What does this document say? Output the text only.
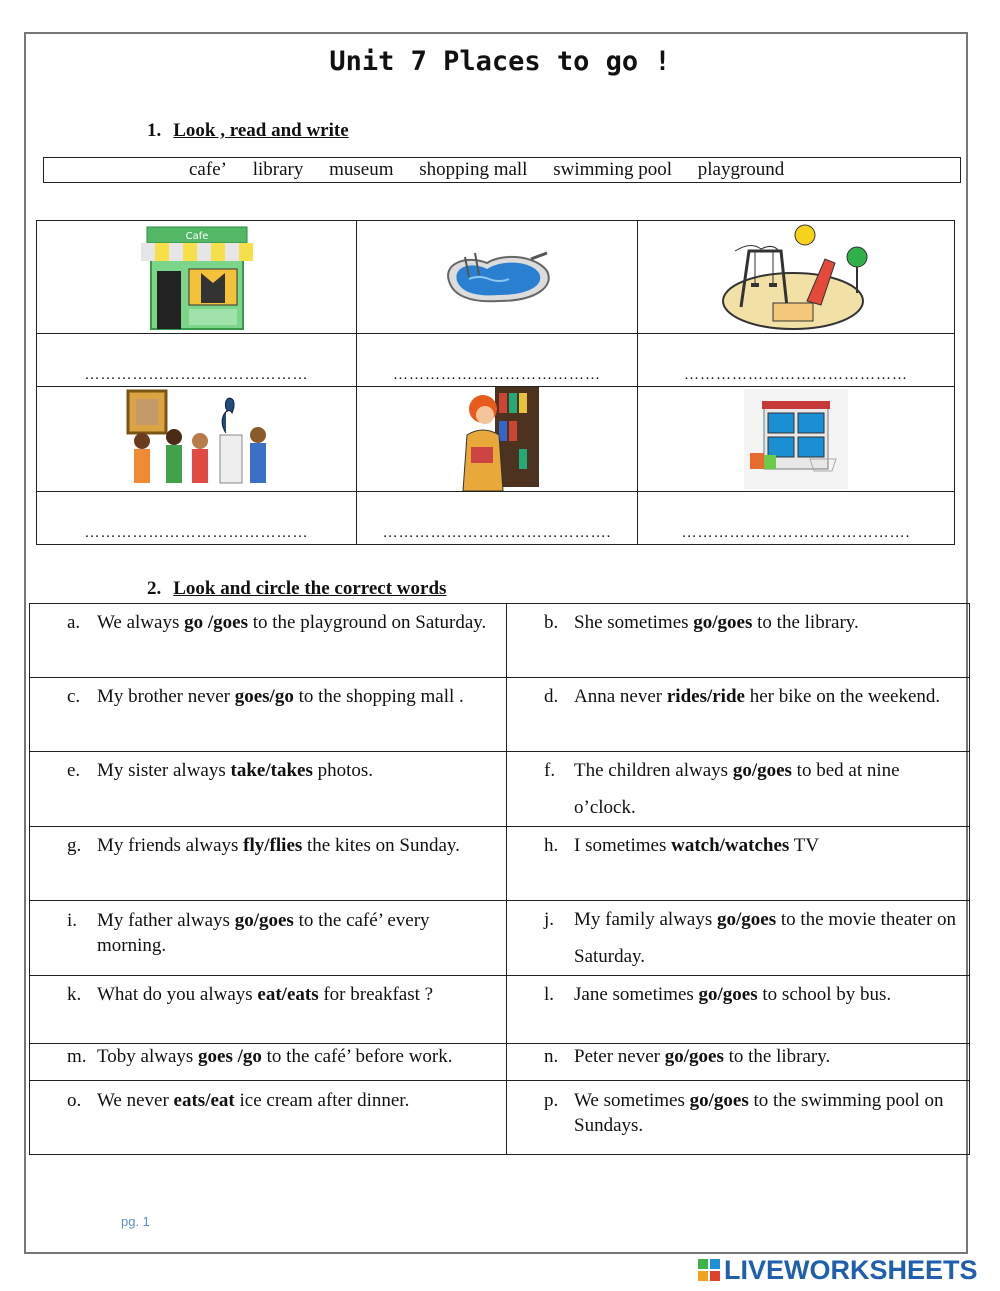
Unit 7 Places to go !
1. Look , read and write
cafe’ library museum shopping mall swimming pool playground
Cafe

……………………………………	…………………………………	……………………………………

……………………………………	…………………………………….	…………………………………….
2. Look and circle the correct words
a. We always go /goes to the playground on Saturday.	b. She sometimes go/goes to the library.

c. My brother never goes/go to the shopping mall .	d. Anna never rides/ride her bike on the weekend.

e. My sister always take/takes photos.	f. The children always go/goes to bed at nine o’clock.

g. My friends always fly/flies the kites on Sunday.	h. I sometimes watch/watches TV

i. My father always go/goes to the café’ every morning.	j. My family always go/goes to the movie theater on Saturday.

k. What do you always eat/eats for breakfast ?	l. Jane sometimes go/goes to school by bus.

m. Toby always goes /go to the café’ before work.	n. Peter never go/goes to the library.

o. We never eats/eat ice cream after dinner.	p. We sometimes go/goes to the swimming pool on Sundays.
pg. 1
LIVEWORKSHEETS
